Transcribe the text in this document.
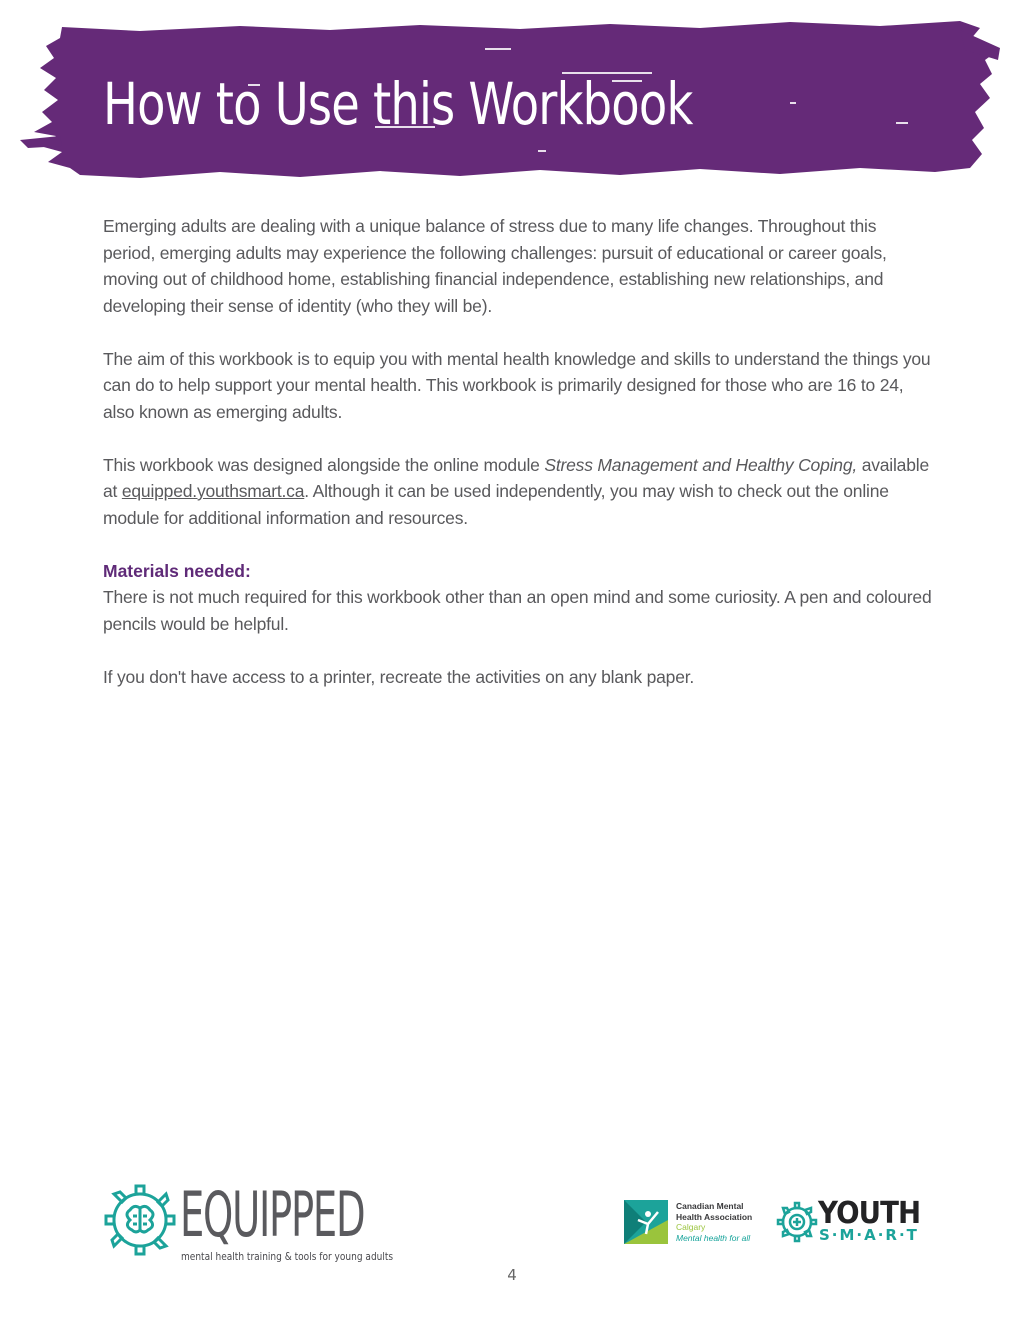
How to Use this Workbook

Emerging adults are dealing with a unique balance of stress due to many life changes. Throughout this period, emerging adults may experience the following challenges: pursuit of educational or career goals, moving out of childhood home, establishing financial independence, establishing new relationships, and developing their sense of identity (who they will be).

The aim of this workbook is to equip you with mental health knowledge and skills to understand the things you can do to help support your mental health. This workbook is primarily designed for those who are 16 to 24, also known as emerging adults.

This workbook was designed alongside the online module Stress Management and Healthy Coping, available at equipped.youthsmart.ca. Although it can be used independently, you may wish to check out the online module for additional information and resources.

Materials needed:

There is not much required for this workbook other than an open mind and some curiosity. A pen and coloured pencils would be helpful.

If you don't have access to a printer, recreate the activities on any blank paper.

EQUIPPED
mental health training & tools for young adults
Canadian Mental
Health Association
Calgary
Mental health for all
YOUTH
S·M·A·R·T
4
